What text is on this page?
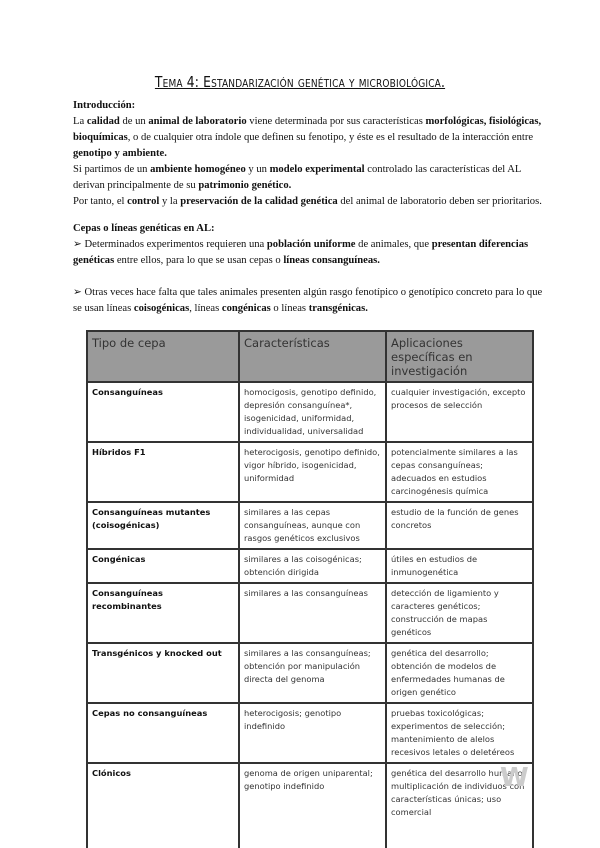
Tema 4: Estandarización genética y microbiológica.

Introducción:

La calidad de un animal de laboratorio viene determinada por sus características morfológicas, fisiológicas, bioquímicas, o de cualquier otra índole que definen su fenotipo, y éste es el resultado de la interacción entre genotipo y ambiente.

Si partimos de un ambiente homogéneo y un modelo experimental controlado las características del AL derivan principalmente de su patrimonio genético.

Por tanto, el control y la preservación de la calidad genética del animal de laboratorio deben ser prioritarios.

Cepas o líneas genéticas en AL:

➢ Determinados experimentos requieren una población uniforme de animales, que presentan diferencias genéticas entre ellos, para lo que se usan cepas o líneas consanguíneas.

➢ Otras veces hace falta que tales animales presenten algún rasgo fenotípico o genotípico concreto para lo que se usan líneas coisogénicas, líneas congénicas o líneas transgénicas.

Tipo de cepa	Características	Aplicaciones específicas en investigación
Consanguíneas	homocigosis, genotipo definido, depresión consanguínea*, isogenicidad, uniformidad, individualidad, universalidad	cualquier investigación, excepto procesos de selección
Híbridos F1	heterocigosis, genotipo definido, vigor híbrido, isogenicidad, uniformidad	potencialmente similares a las cepas consanguíneas; adecuados en estudios carcinogénesis química
Consanguíneas mutantes (coisogénicas)	similares a las cepas consanguíneas, aunque con rasgos genéticos exclusivos	estudio de la función de genes concretos
Congénicas	similares a las coisogénicas; obtención dirigida	útiles en estudios de inmunogenética
Consanguíneas recombinantes	similares a las consanguíneas	detección de ligamiento y caracteres genéticos; construcción de mapas genéticos
Transgénicos y knocked out	similares a las consanguíneas; obtención por manipulación directa del genoma	genética del desarrollo; obtención de modelos de enfermedades humanas de origen genético
Cepas no consanguíneas	heterocigosis; genotipo indefinido	pruebas toxicológicas; experimentos de selección; mantenimiento de alelos recesivos letales o deletéreos
Clónicos	genoma de origen uniparental; genotipo indefinido	genética del desarrollo humano; multiplicación de individuos con características únicas; uso comercial
W
